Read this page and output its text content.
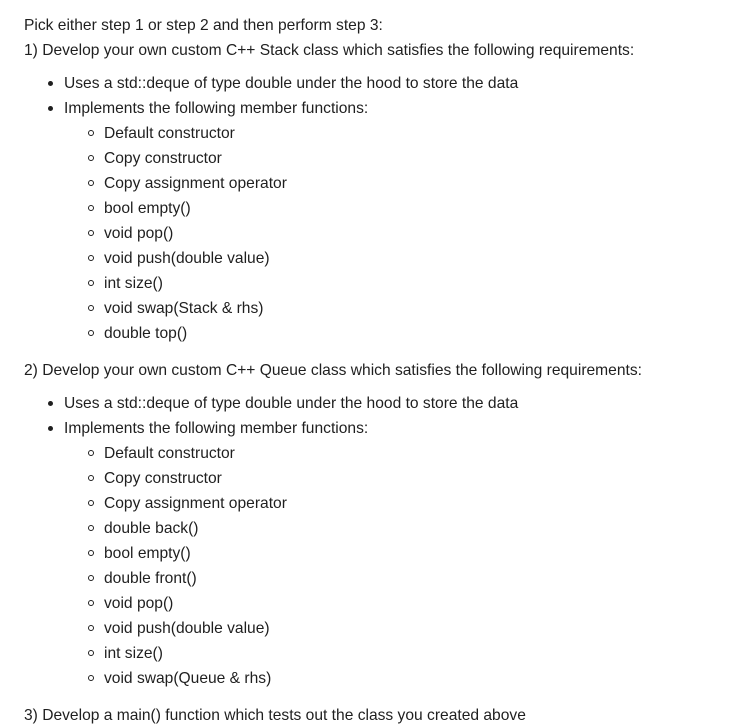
Pick either step 1 or step 2 and then perform step 3:
1) Develop your own custom C++ Stack class which satisfies the following requirements:
Uses a std::deque of type double under the hood to store the data
Implements the following member functions:
Default constructor
Copy constructor
Copy assignment operator
bool empty()
void pop()
void push(double value)
int size()
void swap(Stack & rhs)
double top()
2) Develop your own custom C++ Queue class which satisfies the following requirements:
Uses a std::deque of type double under the hood to store the data
Implements the following member functions:
Default constructor
Copy constructor
Copy assignment operator
double back()
bool empty()
double front()
void pop()
void push(double value)
int size()
void swap(Queue & rhs)
3) Develop a main() function which tests out the class you created above
